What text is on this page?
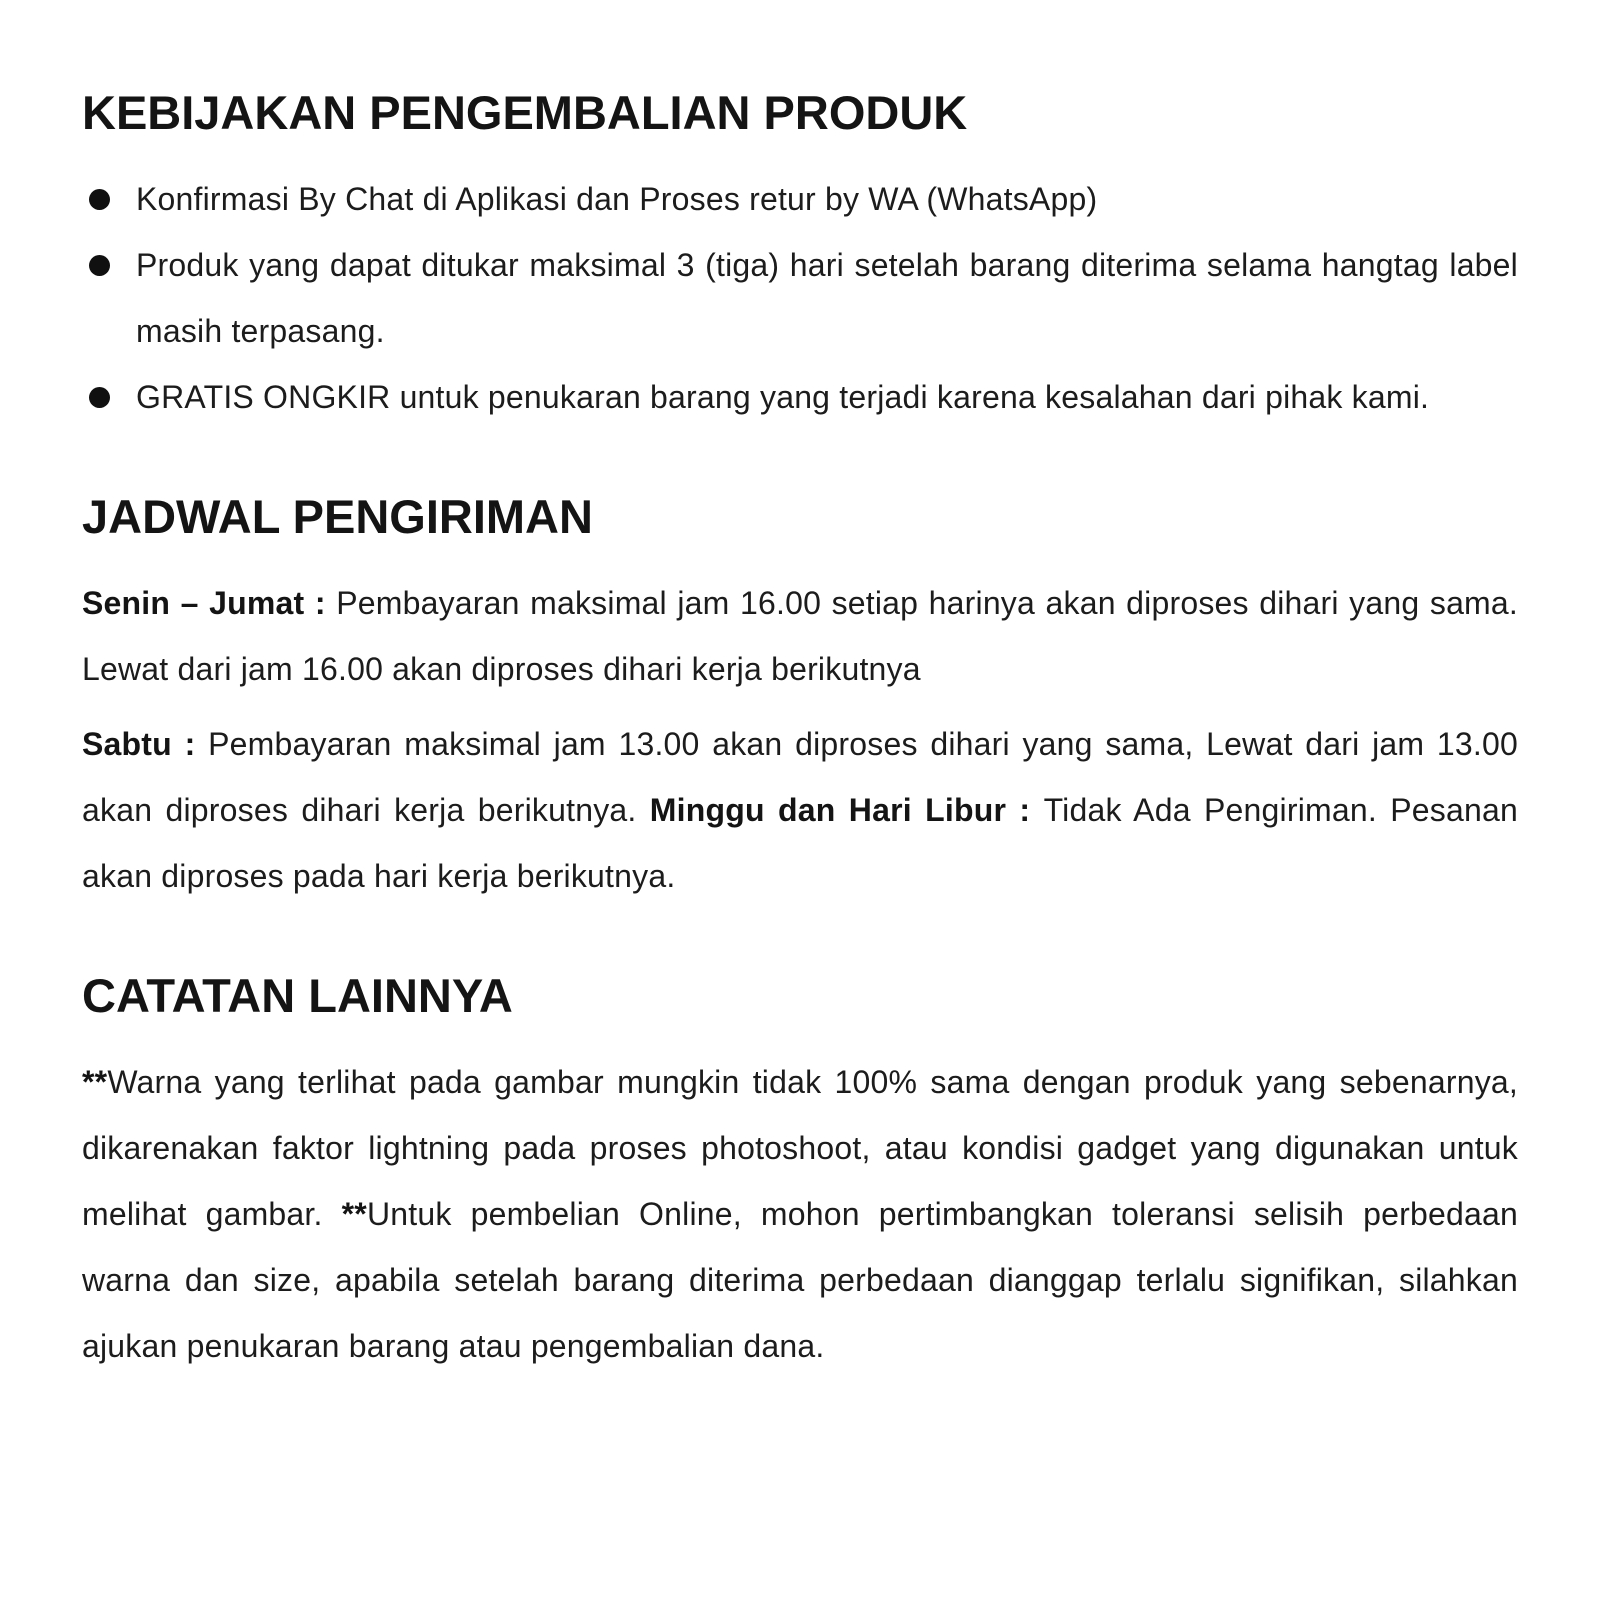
KEBIJAKAN PENGEMBALIAN PRODUK
Konfirmasi By Chat di Aplikasi dan Proses retur by WA (WhatsApp)
Produk yang dapat ditukar maksimal 3 (tiga) hari setelah barang diterima selama hangtag label masih terpasang.
GRATIS ONGKIR untuk penukaran barang yang terjadi karena kesalahan dari pihak kami.
JADWAL PENGIRIMAN

Senin – Jumat : Pembayaran maksimal jam 16.00 setiap harinya akan diproses dihari yang sama. Lewat dari jam 16.00 akan diproses dihari kerja berikutnya

Sabtu : Pembayaran maksimal jam 13.00 akan diproses dihari yang sama, Lewat dari jam 13.00 akan diproses dihari kerja berikutnya. Minggu dan Hari Libur : Tidak Ada Pengiriman. Pesanan akan diproses pada hari kerja berikutnya.

CATATAN LAINNYA

**Warna yang terlihat pada gambar mungkin tidak 100% sama dengan produk yang sebenarnya, dikarenakan faktor lightning pada proses photoshoot, atau kondisi gadget yang digunakan untuk melihat gambar. **Untuk pembelian Online, mohon pertimbangkan toleransi selisih perbedaan warna dan size, apabila setelah barang diterima perbedaan dianggap terlalu signifikan, silahkan ajukan penukaran barang atau pengembalian dana.
